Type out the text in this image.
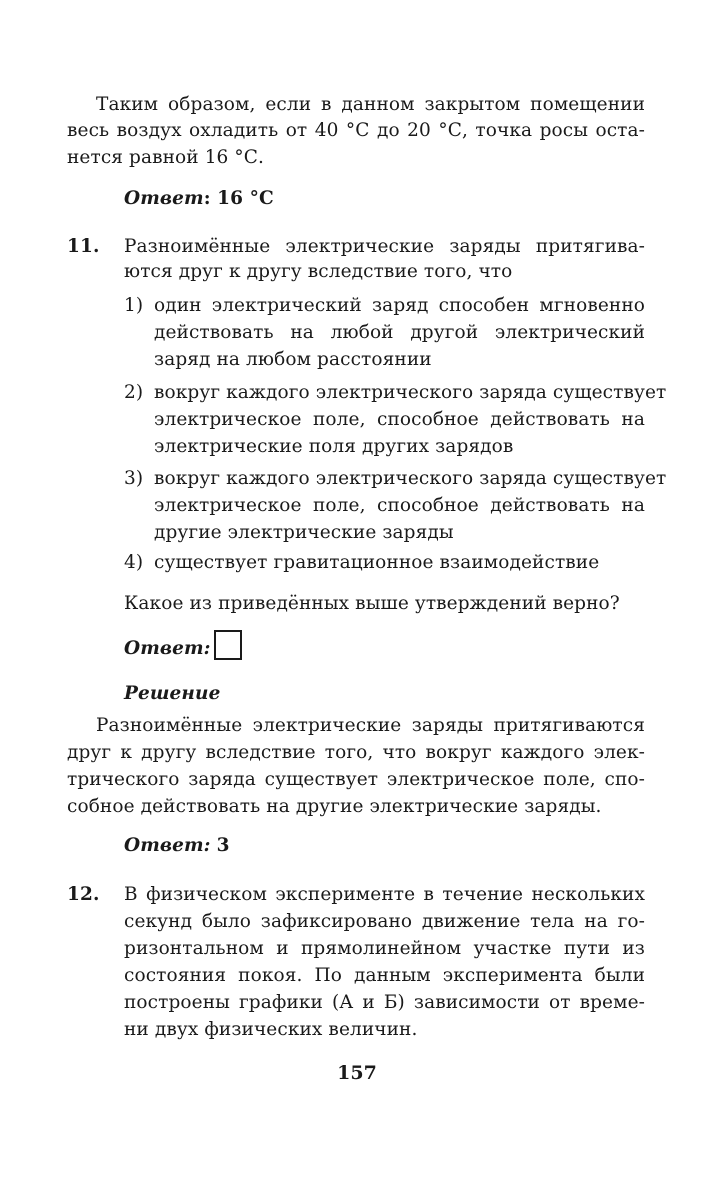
Таким образом, если в данном закрытом помещении
весь воздух охладить от 40 °С до 20 °С, точка росы оста-
нется равной 16 °С.
Ответ: 16 °С
11. Разноимённые электрические заряды притягива-
ются друг к другу вследствие того, что
1) один электрический заряд способен мгновенно
действовать на любой другой электрический
заряд на любом расстоянии
2) вокруг каждого электрического заряда существует
электрическое поле, способное действовать на
электрические поля других зарядов
3) вокруг каждого электрического заряда существует
электрическое поле, способное действовать на
другие электрические заряды
4) существует гравитационное взаимодействие
Какое из приведённых выше утверждений верно?
Ответ:
Решение
Разноимённые электрические заряды притягиваются
друг к другу вследствие того, что вокруг каждого элек-
трического заряда существует электрическое поле, спо-
собное действовать на другие электрические заряды.
Ответ: 3
12. В физическом эксперименте в течение нескольких
секунд было зафиксировано движение тела на го-
ризонтальном и прямолинейном участке пути из
состояния покоя. По данным эксперимента были
построены графики (А и Б) зависимости от време-
ни двух физических величин.
157
